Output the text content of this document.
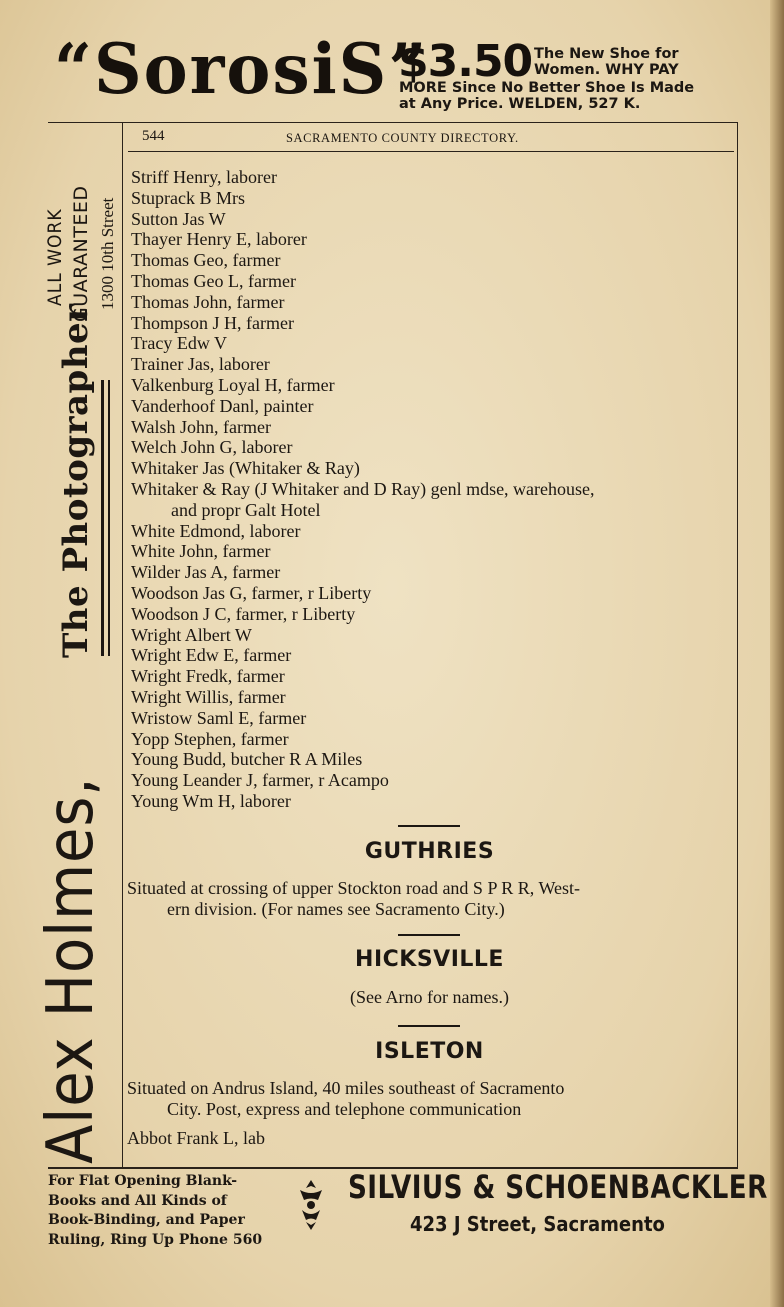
“SorosiS”
$3.50 The New Shoe for
Women. WHY PAY
MORE Since No Better Shoe Is Made
at Any Price. WELDEN, 527 K.
544	SACRAMENTO COUNTY DIRECTORY.
ALL WORK GUARANTEED 1300 10th Street
The Photographer
Alex Holmes,
Striff Henry, laborer
Stuprack B Mrs
Sutton Jas W
Thayer Henry E, laborer
Thomas Geo, farmer
Thomas Geo L, farmer
Thomas John, farmer
Thompson J H, farmer
Tracy Edw V
Trainer Jas, laborer
Valkenburg Loyal H, farmer
Vanderhoof Danl, painter
Walsh John, farmer
Welch John G, laborer
Whitaker Jas (Whitaker & Ray)
Whitaker & Ray (J Whitaker and D Ray) genl mdse, warehouse,
and propr Galt Hotel
White Edmond, laborer
White John, farmer
Wilder Jas A, farmer
Woodson Jas G, farmer, r Liberty
Woodson J C, farmer, r Liberty
Wright Albert W
Wright Edw E, farmer
Wright Fredk, farmer
Wright Willis, farmer
Wristow Saml E, farmer
Yopp Stephen, farmer
Young Budd, butcher R A Miles
Young Leander J, farmer, r Acampo
Young Wm H, laborer
GUTHRIES
Situated at crossing of upper Stockton road and S P R R, West-
ern division. (For names see Sacramento City.)
HICKSVILLE
(See Arno for names.)
ISLETON
Situated on Andrus Island, 40 miles southeast of Sacramento
City. Post, express and telephone communication
Abbot Frank L, lab
For Flat Opening Blank-
Books and All Kinds of
Book-Binding, and Paper
Ruling, Ring Up Phone 560
SILVIUS & SCHOENBACKLER
423 J Street, Sacramento
